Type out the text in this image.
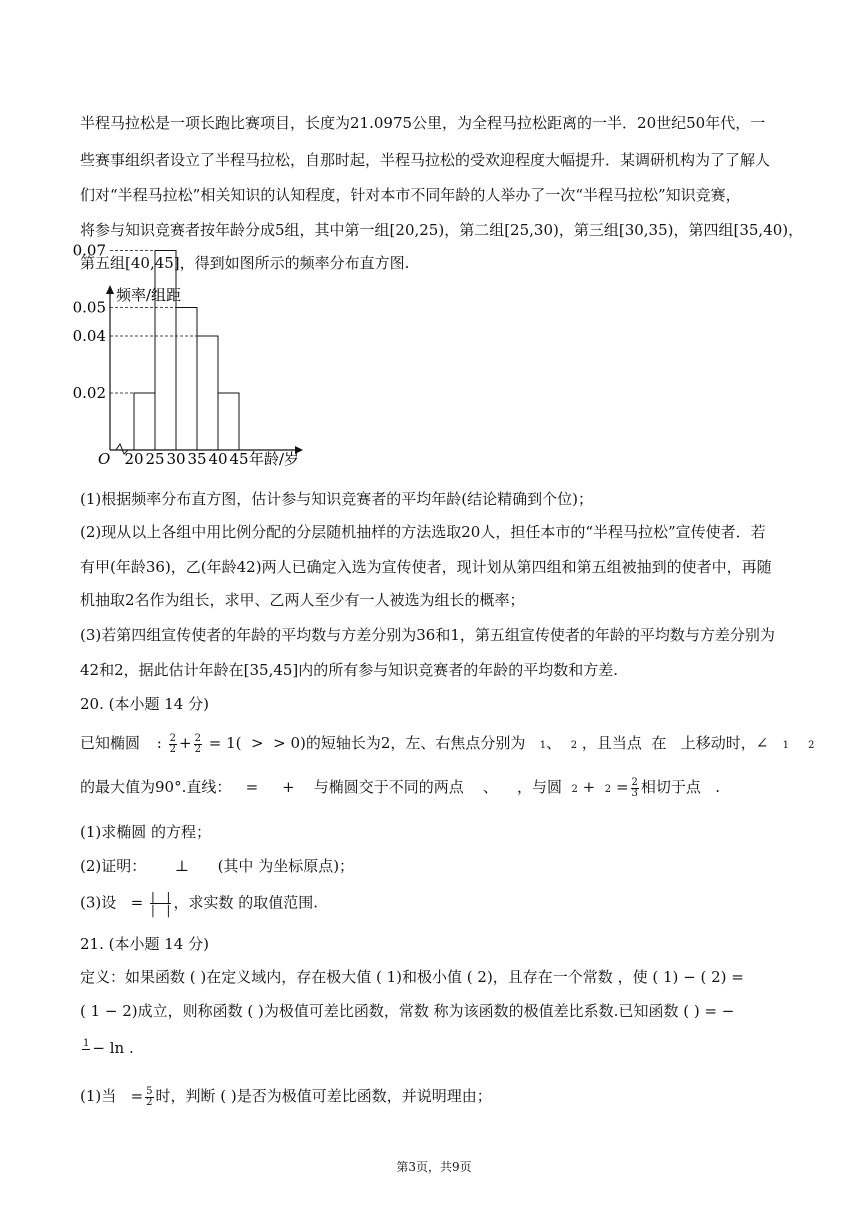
半程马拉松是一项长跑比赛项目，长度为21.0975公里，为全程马拉松距离的一半．20世纪50年代，一
些赛事组织者设立了半程马拉松，自那时起，半程马拉松的受欢迎程度大幅提升．某调研机构为了了解人
们对“半程马拉松”相关知识的认知程度，针对本市不同年龄的人举办了一次“半程马拉松”知识竞赛，
将参与知识竞赛者按年龄分成5组，其中第一组[20,25)，第二组[25,30)，第三组[30,35)，第四组[35,40)，
第五组[40,45]，得到如图所示的频率分布直方图.
0.02
0.04
0.05
0.07
20 25 30 35 40 45
频率/组距
年龄/岁
O
(1)根据频率分布直方图，估计参与知识竞赛者的平均年龄(结论精确到个位)；
(2)现从以上各组中用比例分配的分层随机抽样的方法选取20人，担任本市的“半程马拉松”宣传使者．若
有甲(年龄36)，乙(年龄42)两人已确定入选为宣传使者，现计划从第四组和第五组被抽到的使者中，再随
机抽取2名作为组长，求甲、乙两人至少有一人被选为组长的概率；
(3)若第四组宣传使者的年龄的平均数与方差分别为36和1，第五组宣传使者的年龄的平均数与方差分别为
42和2，据此估计年龄在[35,45]内的所有参与知识竞赛者的年龄的平均数和方差.
20. (本小题 14 分)
已知椭圆 : $\frac{2}{2} + \frac{2}{2} = 1$( > > 0)的短轴长为2，左、右焦点分别为 1、 2 ，且当点 在 上移动时，∠ 1 2
的最大值为90°.直线： = + 与椭圆交于不同的两点 、 ，与圆 $2 + 2 = \frac{2}{3}$ 相切于点 .
(1)求椭圆 的方程；
(2)证明： ⊥ (其中 为坐标原点)；
(3)设 = $\frac{| |}{| |}$ ，求实数 的取值范围.
21. (本小题 14 分)
定义：如果函数 ( )在定义域内，存在极大值 ( 1)和极小值 ( 2)，且存在一个常数 ，使 ( 1) − ( 2) =
( 1 − 2)成立，则称函数 ( )为极值可差比函数，常数 称为该函数的极值差比系数.已知函数 ( ) = −
1
− ln .
(1)当 = $\frac{5}{2}$ 时，判断 ( )是否为极值可差比函数，并说明理由；
第3页，共9页
